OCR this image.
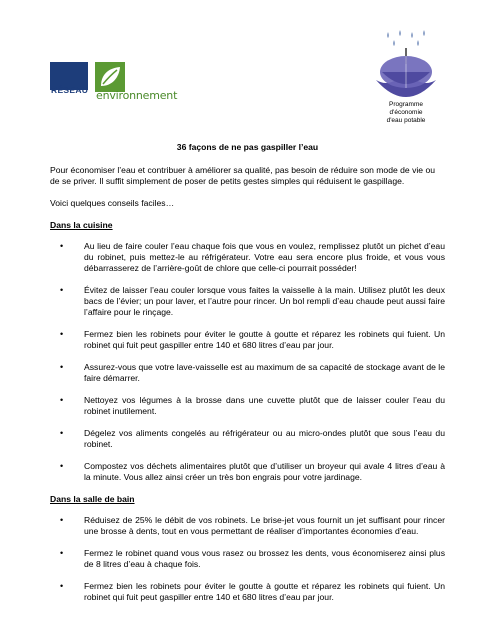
RÉSEAU environnement
Programme
d'économie
d'eau potable
36 façons de ne pas gaspiller l’eau
Pour économiser l’eau et contribuer à améliorer sa qualité, pas besoin de réduire son mode de vie ou de se priver. Il suffit simplement de poser de petits gestes simples qui réduisent le gaspillage.
Voici quelques conseils faciles…
Dans la cuisine
• Au lieu de faire couler l’eau chaque fois que vous en voulez, remplissez plutôt un pichet d’eau du robinet, puis mettez-le au réfrigérateur. Votre eau sera encore plus froide, et vous vous débarrasserez de l’arrière-goût de chlore que celle-ci pourrait posséder!
• Évitez de laisser l’eau couler lorsque vous faites la vaisselle à la main. Utilisez plutôt les deux bacs de l’évier; un pour laver, et l’autre pour rincer. Un bol rempli d’eau chaude peut aussi faire l’affaire pour le rinçage.
• Fermez bien les robinets pour éviter le goutte à goutte et réparez les robinets qui fuient. Un robinet qui fuit peut gaspiller entre 140 et 680 litres d’eau par jour.
• Assurez-vous que votre lave-vaisselle est au maximum de sa capacité de stockage avant de le faire démarrer.
• Nettoyez vos légumes à la brosse dans une cuvette plutôt que de laisser couler l’eau du robinet inutilement.
• Dégelez vos aliments congelés au réfrigérateur ou au micro-ondes plutôt que sous l’eau du robinet.
• Compostez vos déchets alimentaires plutôt que d’utiliser un broyeur qui avale 4 litres d’eau à la minute. Vous allez ainsi créer un très bon engrais pour votre jardinage.
Dans la salle de bain
• Réduisez de 25% le débit de vos robinets. Le brise-jet vous fournit un jet suffisant pour rincer une brosse à dents, tout en vous permettant de réaliser d’importantes économies d’eau.
• Fermez le robinet quand vous vous rasez ou brossez les dents, vous économiserez ainsi plus de 8 litres d’eau à chaque fois.
• Fermez bien les robinets pour éviter le goutte à goutte et réparez les robinets qui fuient. Un robinet qui fuit peut gaspiller entre 140 et 680 litres d’eau par jour.
